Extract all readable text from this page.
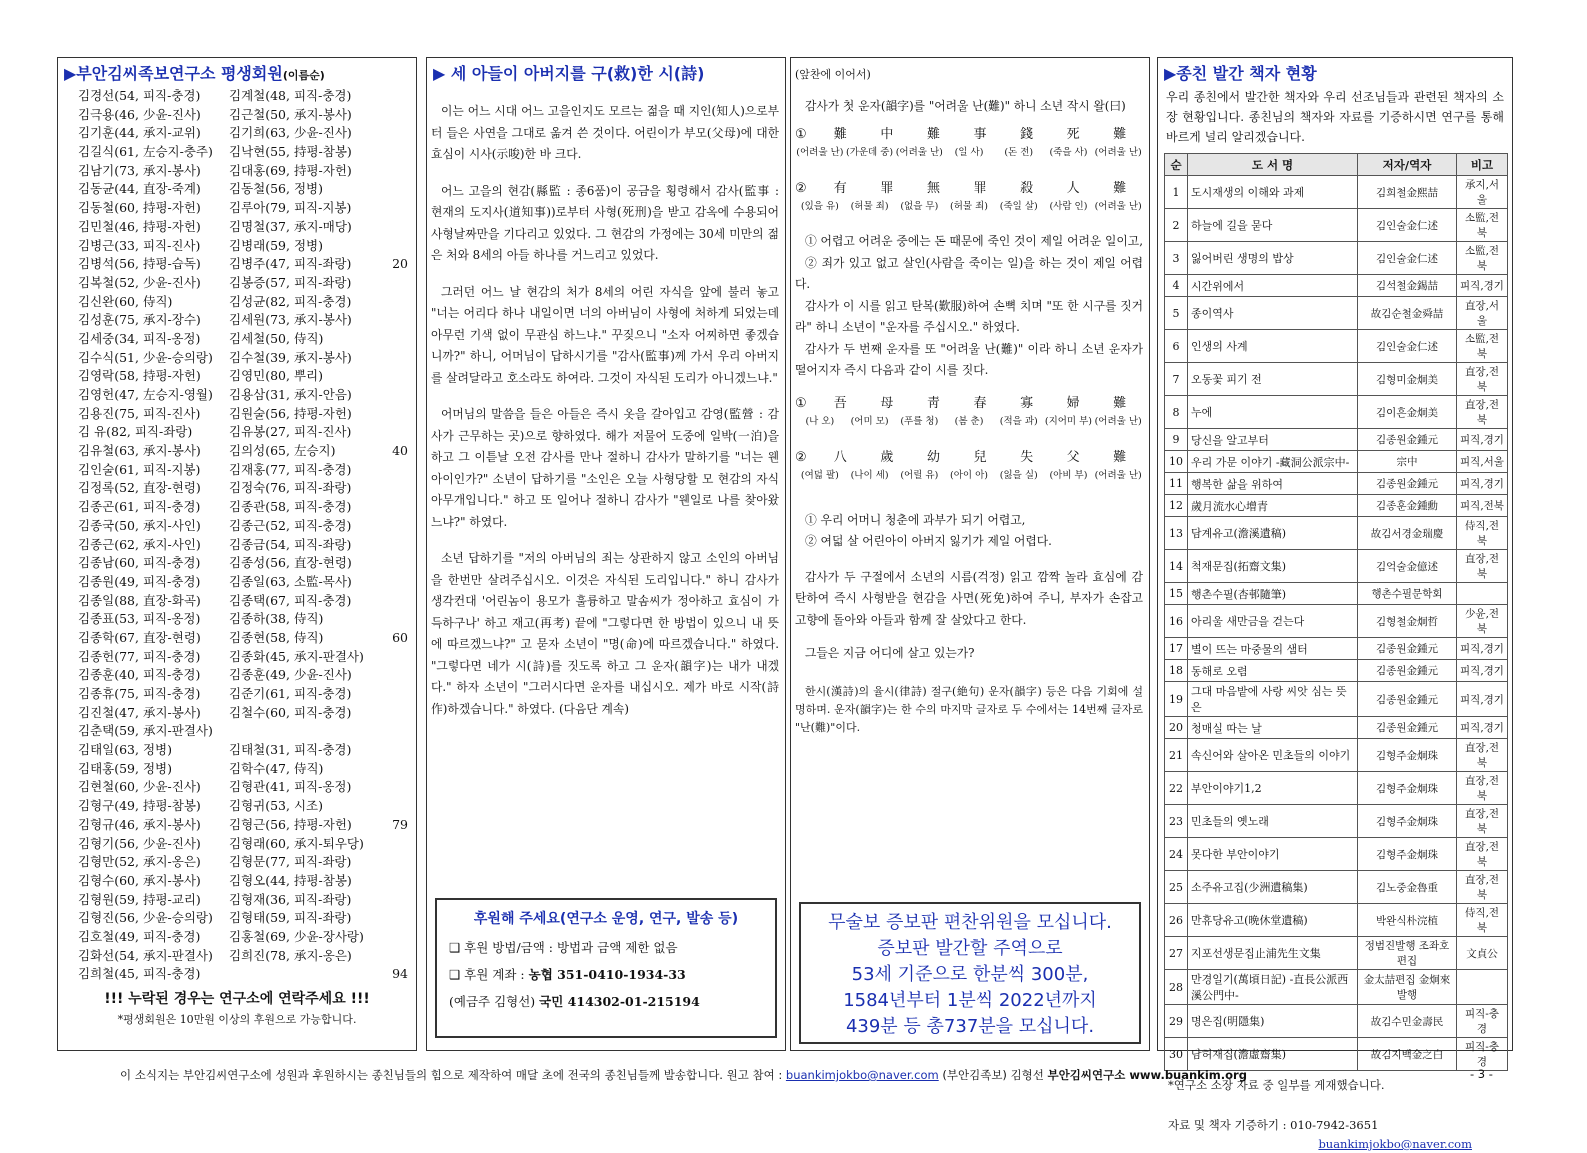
▶부안김씨족보연구소 평생회원(이름순)
김경선(54, 피직-충경)	김계철(48, 피직-충경)
김극용(46, 少윤-진사)	김근철(50, 承지-봉사)
김기훈(44, 承지-교위)	김기희(63, 少윤-진사)
김길식(61, 左승지-충주)	김낙현(55, 持평-참봉)
김남기(73, 承지-봉사)	김대홍(69, 持평-자헌)
김동균(44, 直장-죽계)	김동철(56, 정병)
김동철(60, 持평-자헌)	김루아(79, 피직-지봉)
김민철(46, 持평-자헌)	김명철(37, 承지-매당)
김병근(33, 피직-진사)	김병래(59, 정병)
김병석(56, 持평-습독)	김병주(47, 피직-좌랑)	20
김복철(52, 少윤-진사)	김봉증(57, 피직-좌랑)
김신완(60, 侍직)	김성균(82, 피직-충경)
김성훈(75, 承지-장수)	김세원(73, 承지-봉사)
김세중(34, 피직-옹정)	김세철(50, 侍직)
김수식(51, 少윤-승의랑)	김수철(39, 承지-봉사)
김영락(58, 持평-자헌)	김영민(80, 뿌리)
김영헌(47, 左승지-영월)	김용삼(31, 承지-안음)
김용진(75, 피직-진사)	김원술(56, 持평-자헌)
김 유(82, 피직-좌랑)	김유봉(27, 피직-진사)
김유철(63, 承지-봉사)	김의성(65, 左승지)	40
김인술(61, 피직-지봉)	김재홍(77, 피직-충경)
김정록(52, 直장-현령)	김정숙(76, 피직-좌랑)
김종곤(61, 피직-충경)	김종관(58, 피직-충경)
김종국(50, 承지-사인)	김종근(52, 피직-충경)
김종근(62, 承지-사인)	김종금(54, 피직-좌랑)
김종남(60, 피직-충경)	김종성(56, 直장-현령)
김종원(49, 피직-충경)	김종일(63, 소監-목사)
김종일(88, 直장-화곡)	김종택(67, 피직-충경)
김종표(53, 피직-옹정)	김종하(38, 侍직)
김종학(67, 直장-현령)	김종현(58, 侍직)	60
김종헌(77, 피직-충경)	김종화(45, 承지-판결사)
김종훈(40, 피직-충경)	김종훈(49, 少윤-진사)
김종휴(75, 피직-충경)	김준기(61, 피직-충경)
김진철(47, 承지-봉사)	김철수(60, 피직-충경)
김춘택(59, 承지-판결사)
김태일(63, 정병)	김태철(31, 피직-충경)
김태홍(59, 정병)	김학수(47, 侍직)
김현철(60, 少윤-진사)	김형관(41, 피직-옹정)
김형구(49, 持평-참봉)	김형귀(53, 시조)
김형규(46, 承지-봉사)	김형근(56, 持평-자헌)	79
김형기(56, 少윤-진사)	김형래(60, 承지-퇴우당)
김형만(52, 承지-옹은)	김형문(77, 피직-좌랑)
김형수(60, 承지-봉사)	김형오(44, 持평-참봉)
김형원(59, 持평-교리)	김형재(36, 피직-좌랑)
김형진(56, 少윤-승의랑)	김형태(59, 피직-좌랑)
김호철(49, 피직-충경)	김홍철(69, 少윤-장사랑)
김화선(54, 承지-판결사)	김희진(78, 承지-옹은)
김희철(45, 피직-충경)	94
!!! 누락된 경우는 연구소에 연락주세요 !!!
*평생회원은 10만원 이상의 후원으로 가능합니다.
▶ 세 아들이 아버지를 구(救)한 시(詩)

이는 어느 시대 어느 고을인지도 모르는 젊을 때 지인(知人)으로부터 들은 사연을 그대로 옮겨 쓴 것이다. 어린이가 부모(父母)에 대한 효심이 시사(示唆)한 바 크다.

어느 고을의 현감(縣監 : 종6품)이 공금을 횡령해서 감사(監事 : 현재의 도지사(道知事))로부터 사형(死刑)을 받고 감옥에 수용되어 사형날짜만을 기다리고 있었다. 그 현감의 가정에는 30세 미만의 젊은 처와 8세의 아들 하나를 거느리고 있었다.

그러던 어느 날 현감의 처가 8세의 어린 자식을 앞에 불러 놓고 "너는 어리다 하나 내일이면 너의 아버님이 사형에 처하게 되었는데 아무런 기색 없이 무관심 하느냐." 꾸짖으니 "소자 어찌하면 좋겠습니까?" 하니, 어머님이 답하시기를 "감사(監事)께 가서 우리 아버지를 살려달라고 호소라도 하여라. 그것이 자식된 도리가 아니겠느냐."

어머님의 말씀을 들은 아들은 즉시 옷을 갈아입고 감영(監營 : 감사가 근무하는 곳)으로 향하였다. 해가 저물어 도중에 일박(一泊)을 하고 그 이튿날 오전 감사를 만나 절하니 감사가 말하기를 "너는 웬 아이인가?" 소년이 답하기를 "소인은 오늘 사형당할 모 현감의 자식 아무개입니다." 하고 또 일어나 절하니 감사가 "웬일로 나를 찾아왔느냐?" 하였다.

소년 답하기를 "저의 아버님의 죄는 상관하지 않고 소인의 아버님을 한번만 살려주십시오. 이것은 자식된 도리입니다." 하니 감사가 생각컨대 '어린놈이 용모가 훌륭하고 말솜씨가 정아하고 효심이 가득하구나' 하고 재고(再考) 끝에 "그렇다면 한 방법이 있으니 내 뜻에 따르겠느냐?" 고 묻자 소년이 "명(命)에 따르겠습니다." 하였다. "그렇다면 네가 시(詩)를 짓도록 하고 그 운자(韻字)는 내가 내겠다." 하자 소년이 "그러시다면 운자를 내십시오. 제가 바로 시작(詩作)하겠습니다." 하였다. (다음단 계속)

후원해 주세요(연구소 운영, 연구, 발송 등)
❑ 후원 방법/금액 : 방법과 금액 제한 없음
❑ 후원 계좌 : 농협 351-0410-1934-33
(예금주 김형선) 국민 414302-01-215194

(앞찬에 이어서)

감사가 첫 운자(韻字)를 "어려울 난(難)" 하니 소년 작시 왈(曰)

①	難	中	難	事	錢	死	難
(어려울 난) (가운데 중) (어려울 난)	(일 사)	(돈 전)	(죽을 사) (어려울 난)
②	有	罪	無	罪	殺	人	難
(있을 유)	(허물 죄)	(없을 무)	(허물 죄)	(죽일 살)	(사람 인) (어려울 난)

① 어렵고 어려운 중에는 돈 때문에 죽인 것이 제일 어려운 일이고,

② 죄가 있고 없고 살인(사람을 죽이는 일)을 하는 것이 제일 어렵다.

감사가 이 시를 읽고 탄복(歎服)하여 손뼉 치며 "또 한 시구를 짓거라" 하니 소년이 "운자를 주십시오." 하였다.

감사가 두 번째 운자를 또 "어려울 난(難)" 이라 하니 소년 운자가 떨어지자 즉시 다음과 같이 시를 짓다.

①	吾	母	靑	春	寡	婦	難
(나 오)	(어미 모)	(푸를 청)	(봄 춘)	(적을 과) (지어미 부) (어려울 난)
②	八	歲	幼	兒	失	父	難
(여덟 팔)	(나이 세)	(어릴 유)	(아이 아)	(잃을 실)	(아비 부) (어려울 난)

① 우리 어머니 청춘에 과부가 되기 어렵고,

② 여덟 살 어린아이 아버지 잃기가 제일 어렵다.

감사가 두 구절에서 소년의 시름(걱정) 읽고 깜짝 놀라 효심에 감탄하여 즉시 사형받을 현감을 사면(死免)하여 주니, 부자가 손잡고 고향에 돌아와 아들과 함께 잘 살았다고 한다.

그들은 지금 어디에 살고 있는가?

한시(漢詩)의 율시(律詩) 절구(絶句) 운자(韻字) 등은 다음 기회에 설명하며. 운자(韻字)는 한 수의 마지막 글자로 두 수에서는 14번째 글자로 "난(難)"이다.

무술보 증보판 편찬위원을 모십니다.
증보판 발간할 주역으로
53세 기준으로 한분씩 300분,
1584년부터 1분씩 2022년까지
439분 등 총737분을 모십니다.
▶종친 발간 책자 현황
우리 종친에서 발간한 책자와 우리 선조님들과 관련된 책자의 소장 현황입니다. 종친님의 책자와 자료를 기증하시면 연구를 통해 바르게 널리 알리겠습니다.
순	도 서 명	저자/역자	비고
1	도시재생의 이해와 과제	김희철金熙喆	承지,서울
2	하늘에 길을 묻다	김인술金仁述	소監,전북
3	잃어버린 생명의 밥상	김인술金仁述	소監,전북
4	시간위에서	김석철金錫喆	피직,경기
5	종이역사	故김순철金舜喆	直장,서울
6	인생의 사계	김인술金仁述	소監,전북
7	오동꽃 피기 전	김형미金炯美	直장,전북
8	누에	김이흔金炯美	直장,전북
9	당신을 알고부터	김종원金鍾元	피직,경기
10	우리 가문 이야기 -藏洞公派宗中-	宗中	피직,서울
11	행복한 삶을 위하여	김종원金鍾元	피직,경기
12	歲月流水心增青	김종훈金鍾勳	피직,전북
13	담계유고(澹溪遺稿)	故김서경金瑞慶	侍직,전북
14	척재문집(拓齋文集)	김억술金億述	直장,전북
15	행촌수필(杏邨隨筆)	행촌수필문학회	
16	아리울 새만금을 걷는다	김형철金炯哲	少윤,전북
17	별이 뜨는 마중물의 샘터	김종원金鍾元	피직,경기
18	동해로 오렴	김종원金鍾元	피직,경기
19	그대 마음밭에 사랑 씨앗 심는 뜻은	김종원金鍾元	피직,경기
20	청매실 따는 날	김종원金鍾元	피직,경기
21	속신어와 살아온 민초들의 이야기	김형주金炯珠	直장,전북
22	부안이야기1,2	김형주金炯珠	直장,전북
23	민초들의 옛노래	김형주金炯珠	直장,전북
24	못다한 부안이야기	김형주金炯珠	直장,전북
25	소주유고집(少洲遺稿集)	김노중金魯重	直장,전북
26	만휴당유고(晩休堂遺稿)	박완식朴浣植	侍직,전북
27	지포선생문집止浦先生文集	정범진발행 조좌호편집	文貞公
28	만경일기(萬頃日記) -直長公派西溪公門中-	金太喆편집 金炯來발행	
29	명은집(明隱集)	故김수민金壽民	피직-충경
30	담허재집(澹虛齋集)	故김지백金之白	피직-충경
*연구소 소장 자료 중 일부를 게재했습니다.
자료 및 책자 기증하기 : 010-7942-3651
buankimjokbo@naver.com
이 소식지는 부안김씨연구소에 성원과 후원하시는 종친님들의 힘으로 제작하여 매달 초에 전국의 종친님들께 발송합니다. 원고 참여 : buankimjokbo@naver.com (부안김족보) 김형선 부안김씨연구소 www.buankim.org	- 3 -
